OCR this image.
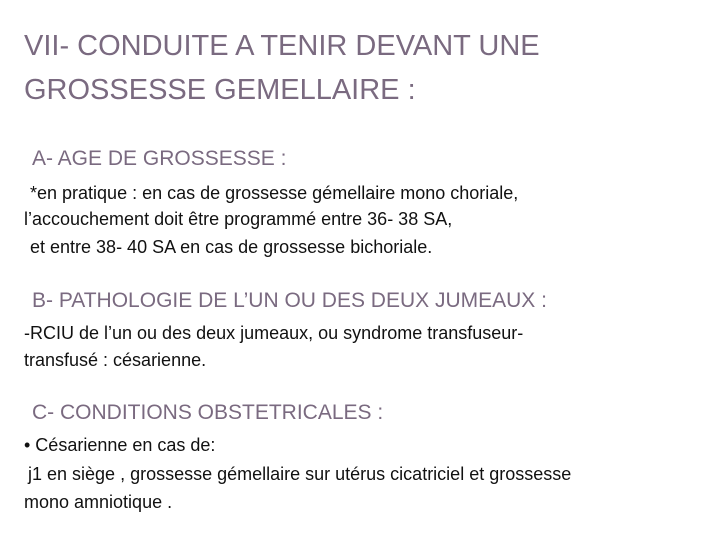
VII- CONDUITE A TENIR DEVANT UNE
GROSSESSE GEMELLAIRE :
A- AGE DE GROSSESSE :
*en pratique : en cas de grossesse gémellaire mono choriale,
l’accouchement doit être programmé entre 36- 38 SA,
et entre 38- 40 SA en cas de grossesse bichoriale.
B- PATHOLOGIE DE L’UN OU DES DEUX JUMEAUX :
-RCIU de l’un ou des deux jumeaux, ou syndrome transfuseur-
transfusé : césarienne.
C- CONDITIONS OBSTETRICALES :
• Césarienne en cas de:
j1 en siège , grossesse gémellaire sur utérus cicatriciel et grossesse
mono amniotique .
